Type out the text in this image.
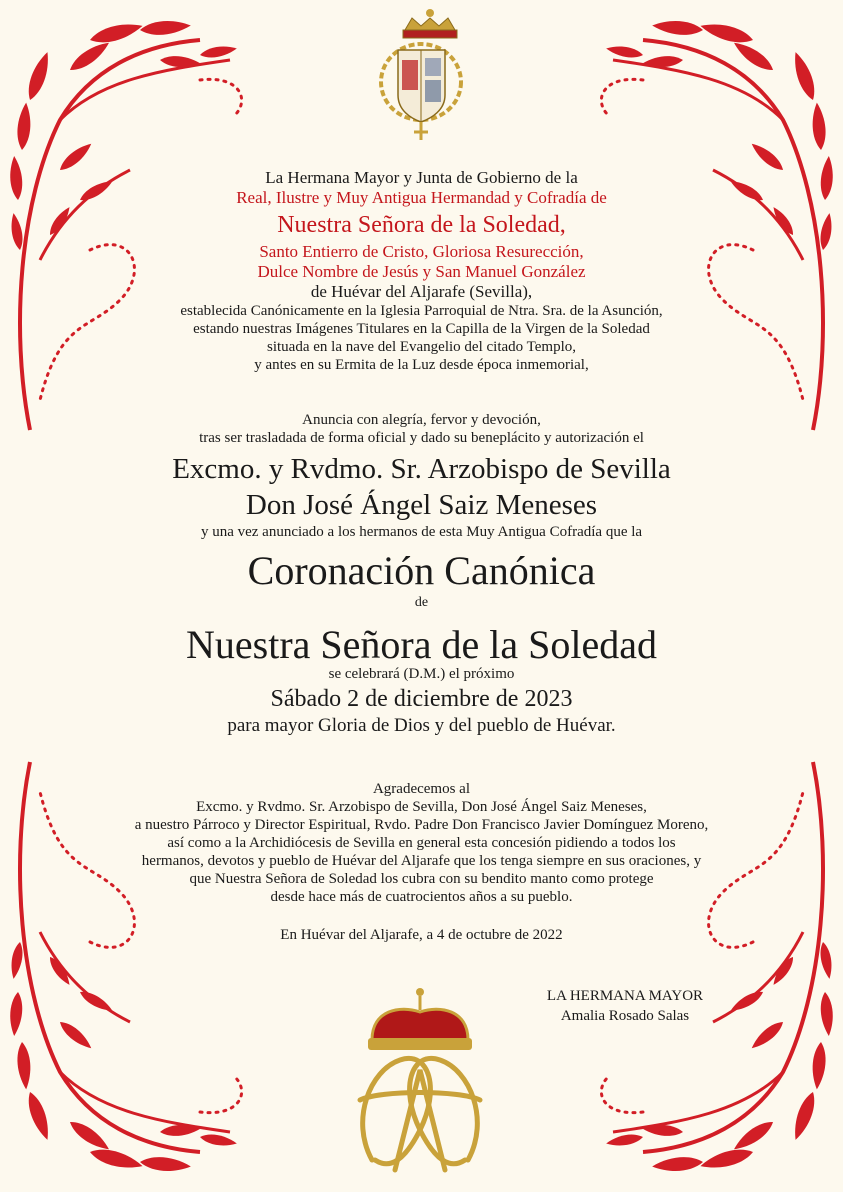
La Hermana Mayor y Junta de Gobierno de la
Real, Ilustre y Muy Antigua Hermandad y Cofradía de
Nuestra Señora de la Soledad,
Santo Entierro de Cristo, Gloriosa Resurección,
Dulce Nombre de Jesús y San Manuel González
de Huévar del Aljarafe (Sevilla),
establecida Canónicamente en la Iglesia Parroquial de Ntra. Sra. de la Asunción,
estando nuestras Imágenes Titulares en la Capilla de la Virgen de la Soledad
situada en la nave del Evangelio del citado Templo,
y antes en su Ermita de la Luz desde época inmemorial,
Anuncia con alegría, fervor y devoción,
tras ser trasladada de forma oficial y dado su beneplácito y autorización el
Excmo. y Rvdmo. Sr. Arzobispo de Sevilla
Don José Ángel Saiz Meneses
y una vez anunciado a los hermanos de esta Muy Antigua Cofradía que la
Coronación Canónica
de
Nuestra Señora de la Soledad
se celebrará (D.M.) el próximo
Sábado 2 de diciembre de 2023
para mayor Gloria de Dios y del pueblo de Huévar.
Agradecemos al
Excmo. y Rvdmo. Sr. Arzobispo de Sevilla, Don José Ángel Saiz Meneses,
a nuestro Párroco y Director Espiritual, Rvdo. Padre Don Francisco Javier Domínguez Moreno,
así como a la Archidiócesis de Sevilla en general esta concesión pidiendo a todos los
hermanos, devotos y pueblo de Huévar del Aljarafe que los tenga siempre en sus oraciones, y
que Nuestra Señora de Soledad los cubra con su bendito manto como protege
desde hace más de cuatrocientos años a su pueblo.
En Huévar del Aljarafe, a 4 de octubre de 2022
LA HERMANA MAYOR
Amalia Rosado Salas
